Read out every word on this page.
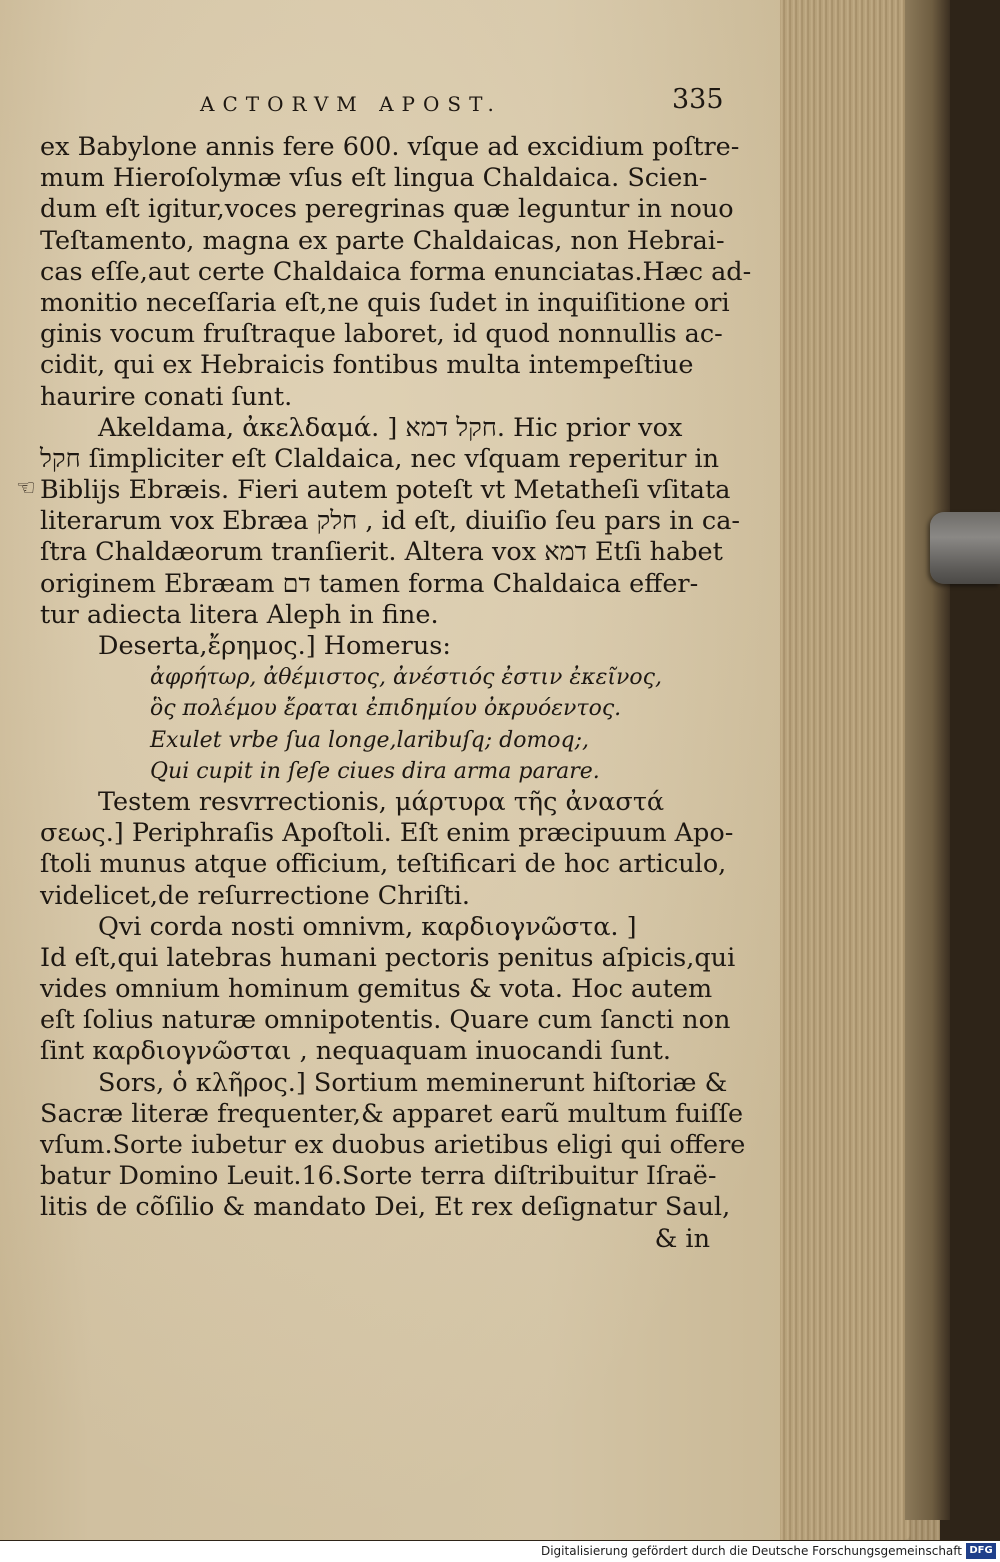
ACTORVM APOST.	335
☜
ex Babylone annis fere 600. vſque ad excidium poſtre-
mum Hieroſolymæ vſus eſt lingua Chaldaica. Scien-
dum eſt igitur,voces peregrinas quæ leguntur in nouo
Teſtamento, magna ex parte Chaldaicas, non Hebrai-
cas eſſe,aut certe Chaldaica forma enunciatas.Hæc ad-
monitio neceſſaria eſt,ne quis ſudet in inquiſitione ori
ginis vocum fruſtraque laboret, id quod nonnullis ac-
cidit, qui ex Hebraicis fontibus multa intempeſtiue
haurire conati ſunt.
Akeldama, ἀκελδαμά. ] חקל דמא. Hic prior vox
חקל ſimpliciter eſt Claldaica, nec vſquam reperitur in
Biblijs Ebræis. Fieri autem poteſt vt Metatheſi vſitata
literarum vox Ebræa חלק , id eſt, diuiſio ſeu pars in ca-
ſtra Chaldæorum tranſierit. Altera vox דמא Etſi habet
originem Ebræam דם tamen forma Chaldaica effer-
tur adiecta litera Aleph in fine.
Deserta,ἔρημος.] Homerus:
ἀφρήτωρ, ἀθέμιστος, ἀνέστιός ἐστιν ἐκεῖνος,
ὃς πολέμου ἔραται ἐπιδημίου ὀκρυόεντος.
Exulet vrbe ſua longe,laribuſq; domoq;,
Qui cupit in ſeſe ciues dira arma parare.
Testem resvrrectionis, μάρτυρα τῆς ἀναστά
σεως.] Periphraſis Apoſtoli. Eſt enim præcipuum Apo-
ſtoli munus atque officium, teſtificari de hoc articulo,
videlicet,de reſurrectione Chriſti.
Qvi corda nosti omnivm, καρδιογνῶστα. ]
Id eſt,qui latebras humani pectoris penitus aſpicis,qui
vides omnium hominum gemitus & vota. Hoc autem
eſt ſolius naturæ omnipotentis. Quare cum ſancti non
ſint καρδιογνῶσται , nequaquam inuocandi ſunt.
Sors, ὁ κλῆρος.] Sortium meminerunt hiſtoriæ &
Sacræ literæ frequenter,& apparet earũ multum fuiſſe
vſum.Sorte iubetur ex duobus arietibus eligi qui offere
batur Domino Leuit.16.Sorte terra diſtribuitur Iſraë-
litis de cõſilio & mandato Dei, Et rex deſignatur Saul,
& in
Digitalisierung gefördert durch die Deutsche Forschungsgemeinschaft DFG
